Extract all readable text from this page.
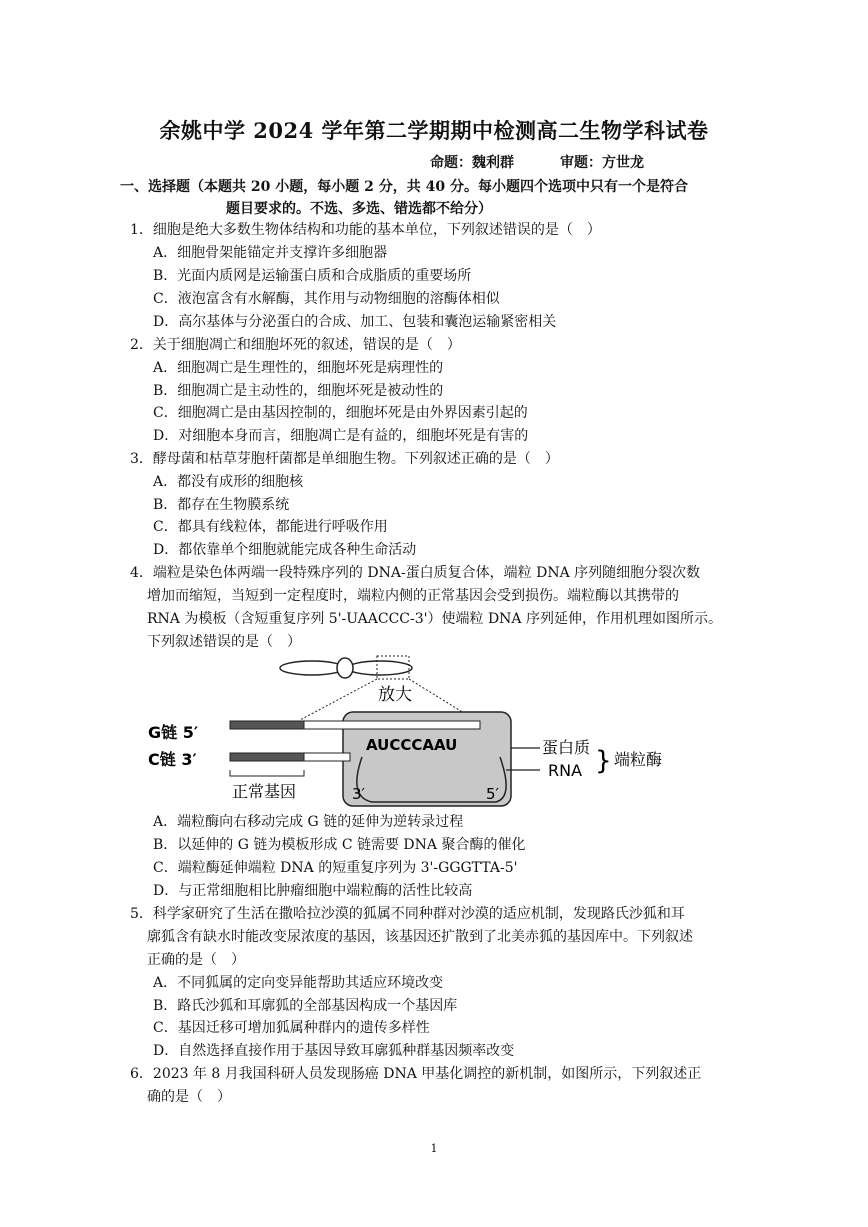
余姚中学 2024 学年第二学期期中检测高二生物学科试卷
命题：魏利群	审题：方世龙
一、选择题（本题共 20 小题，每小题 2 分，共 40 分。每小题四个选项中只有一个是符合
题目要求的。不选、多选、错选都不给分）
1．细胞是绝大多数生物体结构和功能的基本单位，下列叙述错误的是（　）
A．细胞骨架能锚定并支撑许多细胞器
B．光面内质网是运输蛋白质和合成脂质的重要场所
C．液泡富含有水解酶，其作用与动物细胞的溶酶体相似
D．高尔基体与分泌蛋白的合成、加工、包装和囊泡运输紧密相关
2．关于细胞凋亡和细胞坏死的叙述，错误的是（　）
A．细胞凋亡是生理性的，细胞坏死是病理性的
B．细胞凋亡是主动性的，细胞坏死是被动性的
C．细胞凋亡是由基因控制的，细胞坏死是由外界因素引起的
D．对细胞本身而言，细胞凋亡是有益的，细胞坏死是有害的
3．酵母菌和枯草芽胞杆菌都是单细胞生物。下列叙述正确的是（　）
A．都没有成形的细胞核
B．都存在生物膜系统
C．都具有线粒体，都能进行呼吸作用
D．都依靠单个细胞就能完成各种生命活动
4．端粒是染色体两端一段特殊序列的 DNA-蛋白质复合体，端粒 DNA 序列随细胞分裂次数
增加而缩短，当短到一定程度时，端粒内侧的正常基因会受到损伤。端粒酶以其携带的
RNA 为模板（含短重复序列 5'-UAACCC-3'）使端粒 DNA 序列延伸，作用机理如图所示。
下列叙述错误的是（　）
放大
AUCCCAAU
3′	5′
G链 5′
C链 3′
正常基因
蛋白质
RNA } 端粒酶
A．端粒酶向右移动完成 G 链的延伸为逆转录过程
B．以延伸的 G 链为模板形成 C 链需要 DNA 聚合酶的催化
C．端粒酶延伸端粒 DNA 的短重复序列为 3'-GGGTTA-5'
D．与正常细胞相比肿瘤细胞中端粒酶的活性比较高
5．科学家研究了生活在撒哈拉沙漠的狐属不同种群对沙漠的适应机制，发现路氏沙狐和耳
廓狐含有缺水时能改变尿浓度的基因，该基因还扩散到了北美赤狐的基因库中。下列叙述
正确的是（　）
A．不同狐属的定向变异能帮助其适应环境改变
B．路氏沙狐和耳廓狐的全部基因构成一个基因库
C．基因迁移可增加狐属种群内的遗传多样性
D．自然选择直接作用于基因导致耳廓狐种群基因频率改变
6．2023 年 8 月我国科研人员发现肠癌 DNA 甲基化调控的新机制，如图所示，下列叙述正
确的是（　）
1
